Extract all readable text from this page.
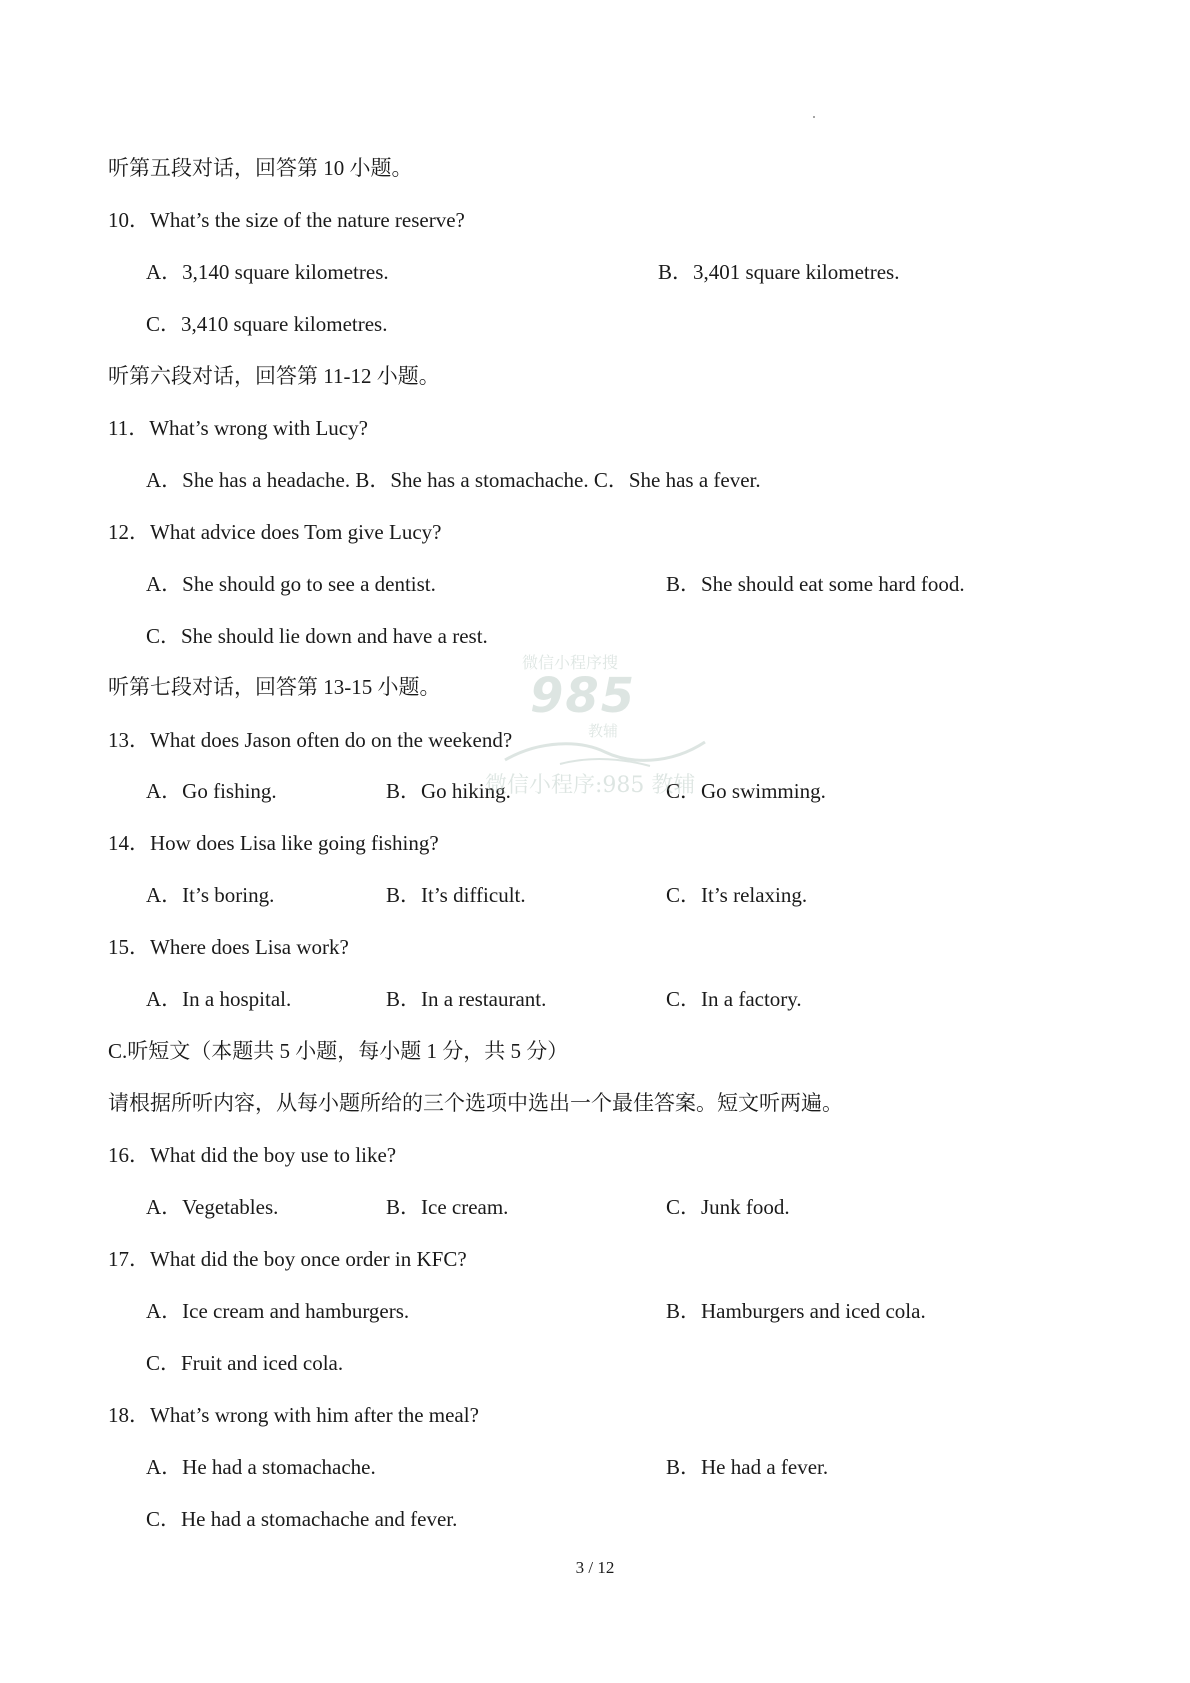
听第五段对话，回答第 10 小题。
10．What’s the size of the nature reserve?
A．3,140 square kilometres.	B．3,401 square kilometres.
C．3,410 square kilometres.
听第六段对话，回答第 11-12 小题。
11．What’s wrong with Lucy?
A．She has a headache. B．She has a stomachache. C．She has a fever.
12．What advice does Tom give Lucy?
A．She should go to see a dentist.	B．She should eat some hard food.
C．She should lie down and have a rest.
听第七段对话，回答第 13-15 小题。
13．What does Jason often do on the weekend?
A．Go fishing.	B．Go hiking.	C．Go swimming.
14．How does Lisa like going fishing?
A．It’s boring.	B．It’s difficult.	C．It’s relaxing.
15．Where does Lisa work?
A．In a hospital.	B．In a restaurant.	C．In a factory.
C.听短文（本题共 5 小题，每小题 1 分，共 5 分）
请根据所听内容，从每小题所给的三个选项中选出一个最佳答案。短文听两遍。
16．What did the boy use to like?
A．Vegetables.	B．Ice cream.	C．Junk food.
17．What did the boy once order in KFC?
A．Ice cream and hamburgers.	B．Hamburgers and iced cola.
C．Fruit and iced cola.
18．What’s wrong with him after the meal?
A．He had a stomachache.	B．He had a fever.
C．He had a stomachache and fever.
微信小程序搜
985
教辅
微信小程序:985 教辅
3 / 12
